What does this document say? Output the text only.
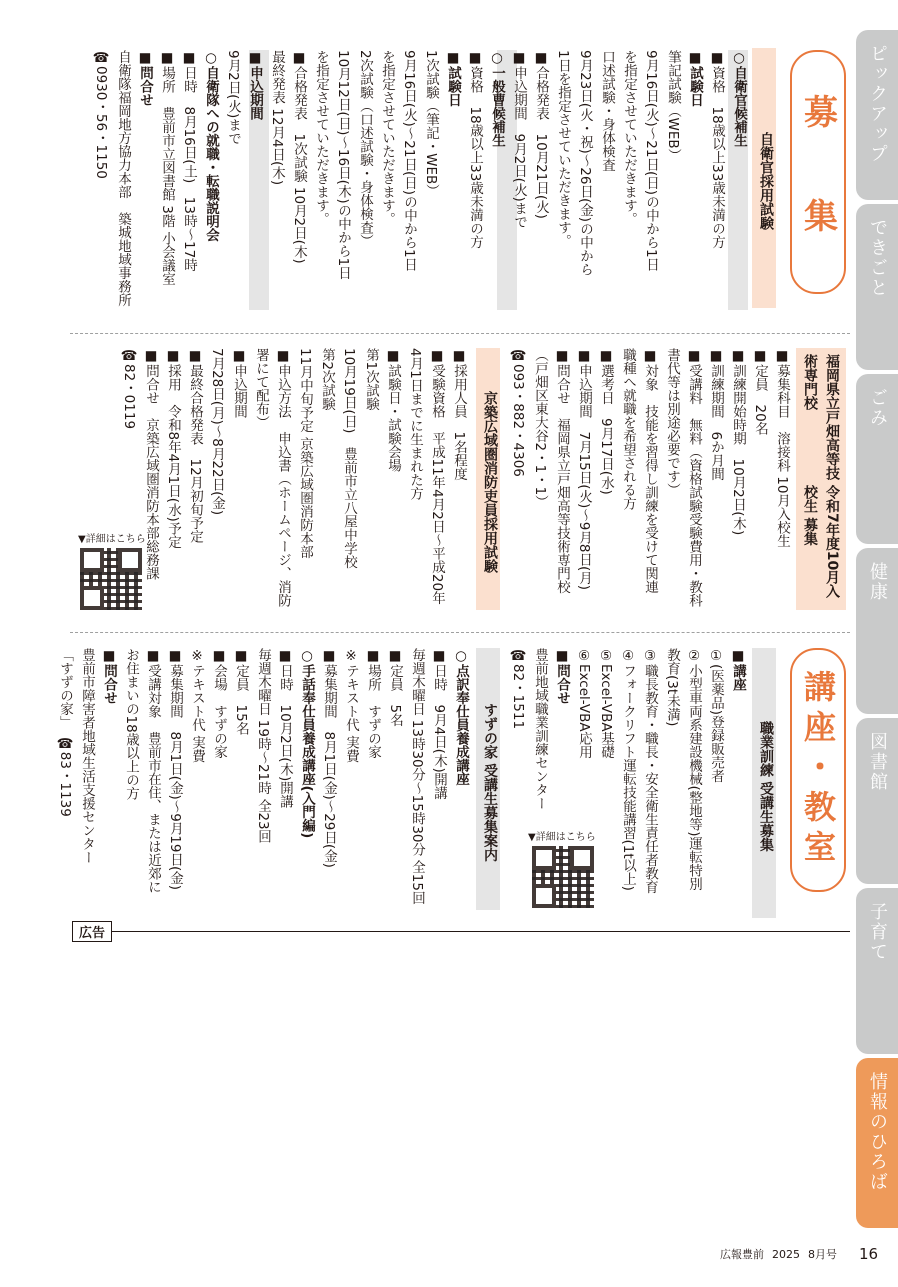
ピックアップ
できごと
ごみ
健康
図書館
子育て
情報のひろば
募　集
自衛官採用試験
○自衛官候補生
■資格　18歳以上33歳未満の方
■試験日
筆記試験（WEB）
9月16日(火)～21日(日)の中から1日
を指定させていただきます。
口述試験・身体検査
9月23日(火・祝)～26日(金)の中から
1日を指定させていただきます。
■合格発表　10月21日(火)
■申込期間　9月2日(火)まで
○一般曹候補生
■資格　18歳以上33歳未満の方
■試験日
1次試験（筆記・WEB）
9月16日(火)～21日(日)の中から1日
を指定させていただきます。
2次試験（口述試験・身体検査）
10月12日(日)～16日(木)の中から1日
を指定させていただきます。
■合格発表　1次試験 10月2日(木)
最終発表 12月4日(木)
■申込期間
9月2日(火)まで
○自衛隊への就職・転職説明会
■日時　8月16日(土)　13時～17時
■場所　豊前市立図書館 3階 小会議室
■問合せ
自衛隊福岡地方協力本部　築城地域事務所
☎0930・56・1150
福岡県立戸畑高等技術専門校
令和7年度10月入校生 募集
■募集科目　溶接科 10月入校生
■定員　20名
■訓練開始時期　10月2日(木)
■訓練期間　6か月間
■受講料　無料（資格試験受験費用・教科
書代等は別途必要です）
■対象　技能を習得し訓練を受けて関連
職種へ就職を希望される方
■選考日　9月17日(水)
■申込期間　7月15日(火)～9月8日(月)
■問合せ　福岡県立戸畑高等技術専門校
（戸畑区東大谷2・1・1）
☎093・882・4306
京築広域圏消防吏員採用試験
■採用人員　1名程度
■受験資格　平成11年4月2日～平成20年
4月1日までに生まれた方
■試験日・試験会場
第1次試験
10月19日(日)　豊前市立八屋中学校
第2次試験
11月中旬予定 京築広域圏消防本部
■申込方法　申込書（ホームページ、消防
署にて配布）
■申込期間
7月28日(月)～8月22日(金)
■最終合格発表　12月初旬予定
■採用　令和8年4月1日(水)予定
■問合せ　京築広域圏消防本部総務課
☎82・0119
▼詳細はこちら
講座・教室
職業訓練 受講生募集
■講座
①(医薬品)登録販売者
②小型車両系建設機械(整地等)運転特別
教育(3t未満)
③職長教育・職長・安全衛生責任者教育
④フォークリフト運転技能講習(1t以上)
⑤Excel-VBA基礎
⑥Excel-VBA応用
■問合せ
豊前地域職業訓練センター
☎82・1511
▼詳細はこちら
すずの家 受講生募集案内
○点訳奉仕員養成講座
■日時　9月4日(木)開講
毎週木曜日 13時30分～15時30分 全15回
■定員　5名
■場所　すずの家
※テキスト代 実費
■募集期間　8月1日(金)～29日(金)
○手話奉仕員養成講座(入門編)
■日時　10月2日(木)開講
毎週木曜日 19時～21時 全23回
■定員　15名
■会場　すずの家
※テキスト代 実費
■募集期間　8月1日(金)～9月19日(金)
■受講対象　豊前市在住、または近郊に
お住まいの18歳以上の方
■問合せ
豊前市障害者地域生活支援センター
「すずの家」　☎83・1139
広告
広報豊前 2025 8月号 16
